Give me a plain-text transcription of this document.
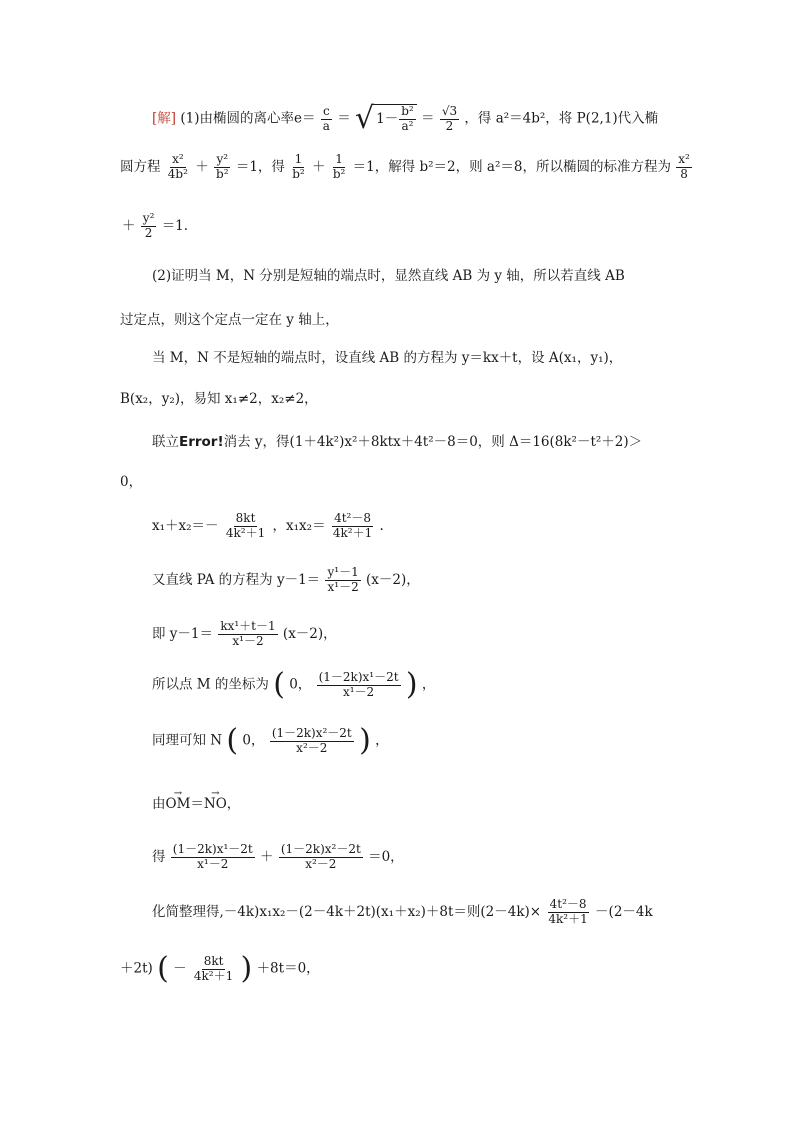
[解] (1)由椭圆的离心率$e= \frac{c}{a}$ ＝ √ $1- \frac{\text{b²}}{\text{a²}} = \frac{√3}{2}$ ，得 a²＝4b²，将 P(2,1)代入椭
圆方程 $\frac{\text{x²}}{\text{4b²}} + \frac{\text{y²}}{\text{b²}} =1$，得 $\frac{1}{\text{b²}} + \frac{1}{\text{b²}} =1$，解得 b²＝2，则 a²＝8，所以椭圆的标准方程为 $\frac{\text{x²}}{8}$
＋ $\frac{\text{y²}}{2} =1$.
(2)证明当 M，N 分别是短轴的端点时，显然直线 AB 为 y 轴，所以若直线 AB
过定点，则这个定点一定在 y 轴上，
当 M，N 不是短轴的端点时，设直线 AB 的方程为 y＝kx＋t，设 A(x₁，y₁)，
B(x₂，y₂)，易知 x₁≠2，x₂≠2，
联立Error!消去 y，得(1＋4k²)x²＋8ktx＋4t²－8＝0，则 Δ＝16(8k²－t²＋2)＞
0，
$x_1+x_2=- \frac{8kt}{\text{4k²＋1}}$ ，$x_1x_2= \frac{\text{4t²－8}}{\text{4k²＋1}}$ .
又直线 PA 的方程为 $y-1= \frac{\text{y¹－1}}{\text{x¹－2}} (x-2)$，
即 $y-1= \frac{\text{kx¹＋t－1}}{\text{x¹－2}} (x-2)$，
所以点 M 的坐标为 ( 0， $\frac{\text{(1－2k)x¹－2t}}{\text{x¹－2}}$ ) ，
同理可知 N ( 0， $\frac{\text{(1－2k)x²－2t}}{\text{x²－2}}$ ) ，
由→ OM＝→ NO，
得 $\frac{\text{(1－2k)x¹－2t}}{\text{x¹－2}} + \frac{\text{(1－2k)x²－2t}}{\text{x²－2}} =0$，
化简整理得,－4k)x₁x₂－(2－4k＋2t)(x₁＋x₂)＋8t＝则$(2-4k)\times \frac{\text{4t²－8}}{\text{4k²＋1}} -(2-4k$
＋2t) ( － $\frac{8kt}{\text{4k²＋1}}$ ) ＋8t＝0，
